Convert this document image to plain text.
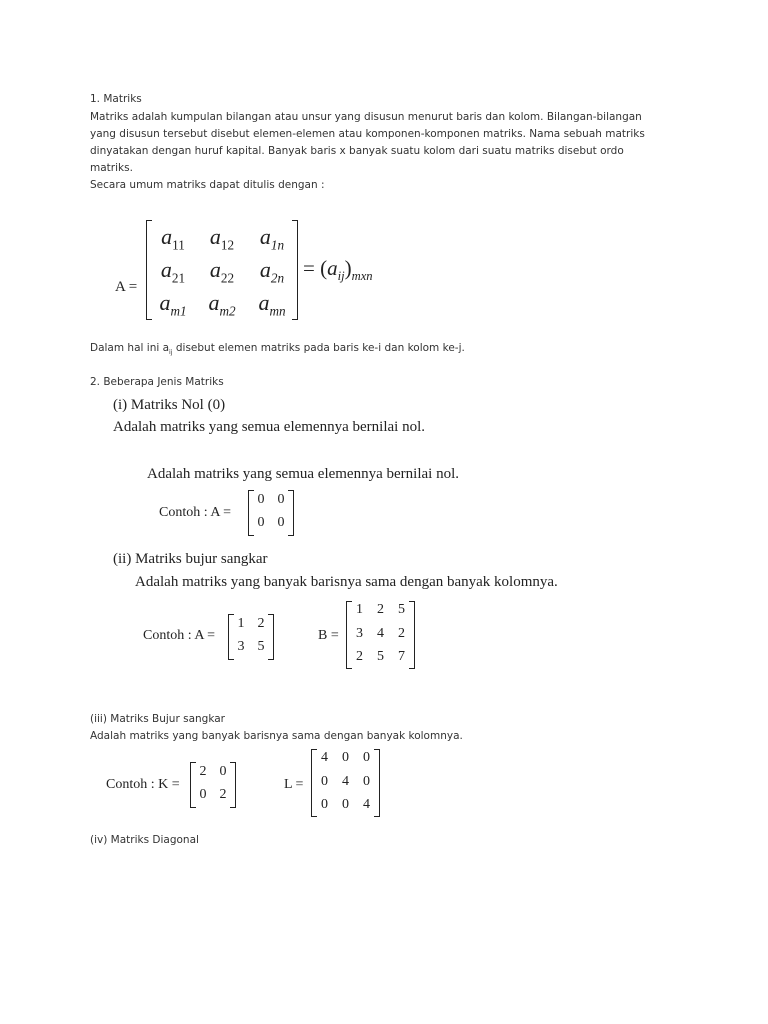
1. Matriks
Matriks adalah kumpulan bilangan atau unsur yang disusun menurut baris dan kolom. Bilangan-bilangan
yang disusun tersebut disebut elemen-elemen atau komponen-komponen matriks. Nama sebuah matriks
dinyatakan dengan huruf kapital. Banyak baris x banyak suatu kolom dari suatu matriks disebut ordo
matriks.
Secara umum matriks dapat ditulis dengan :
A =
$a_{11}$	$a_{12}$	$a_{1n}$
$a_{21}$	$a_{22}$	$a_{2n}$
$a_{m1}$ $a_{m2}$	$a_{mn}$
= $(a_{ij})_{mxn}$
Dalam hal ini $a_{ij}$ disebut elemen matriks pada baris ke-i dan kolom ke-j.
2. Beberapa Jenis Matriks
(i) Matriks Nol (0)
Adalah matriks yang semua elemennya bernilai nol.
Adalah matriks yang semua elemennya bernilai nol.
Contoh : A =
0 0
0 0
(ii) Matriks bujur sangkar
Adalah matriks yang banyak barisnya sama dengan banyak kolomnya.
Contoh : A =
1 2
3 5
B =
1	2	5
3	4	2
2	5	7
(iii) Matriks Bujur sangkar
Adalah matriks yang banyak barisnya sama dengan banyak kolomnya.
Contoh : K =
2 0
0 2
L =
4	0	0
0	4	0
0	0	4
(iv) Matriks Diagonal
